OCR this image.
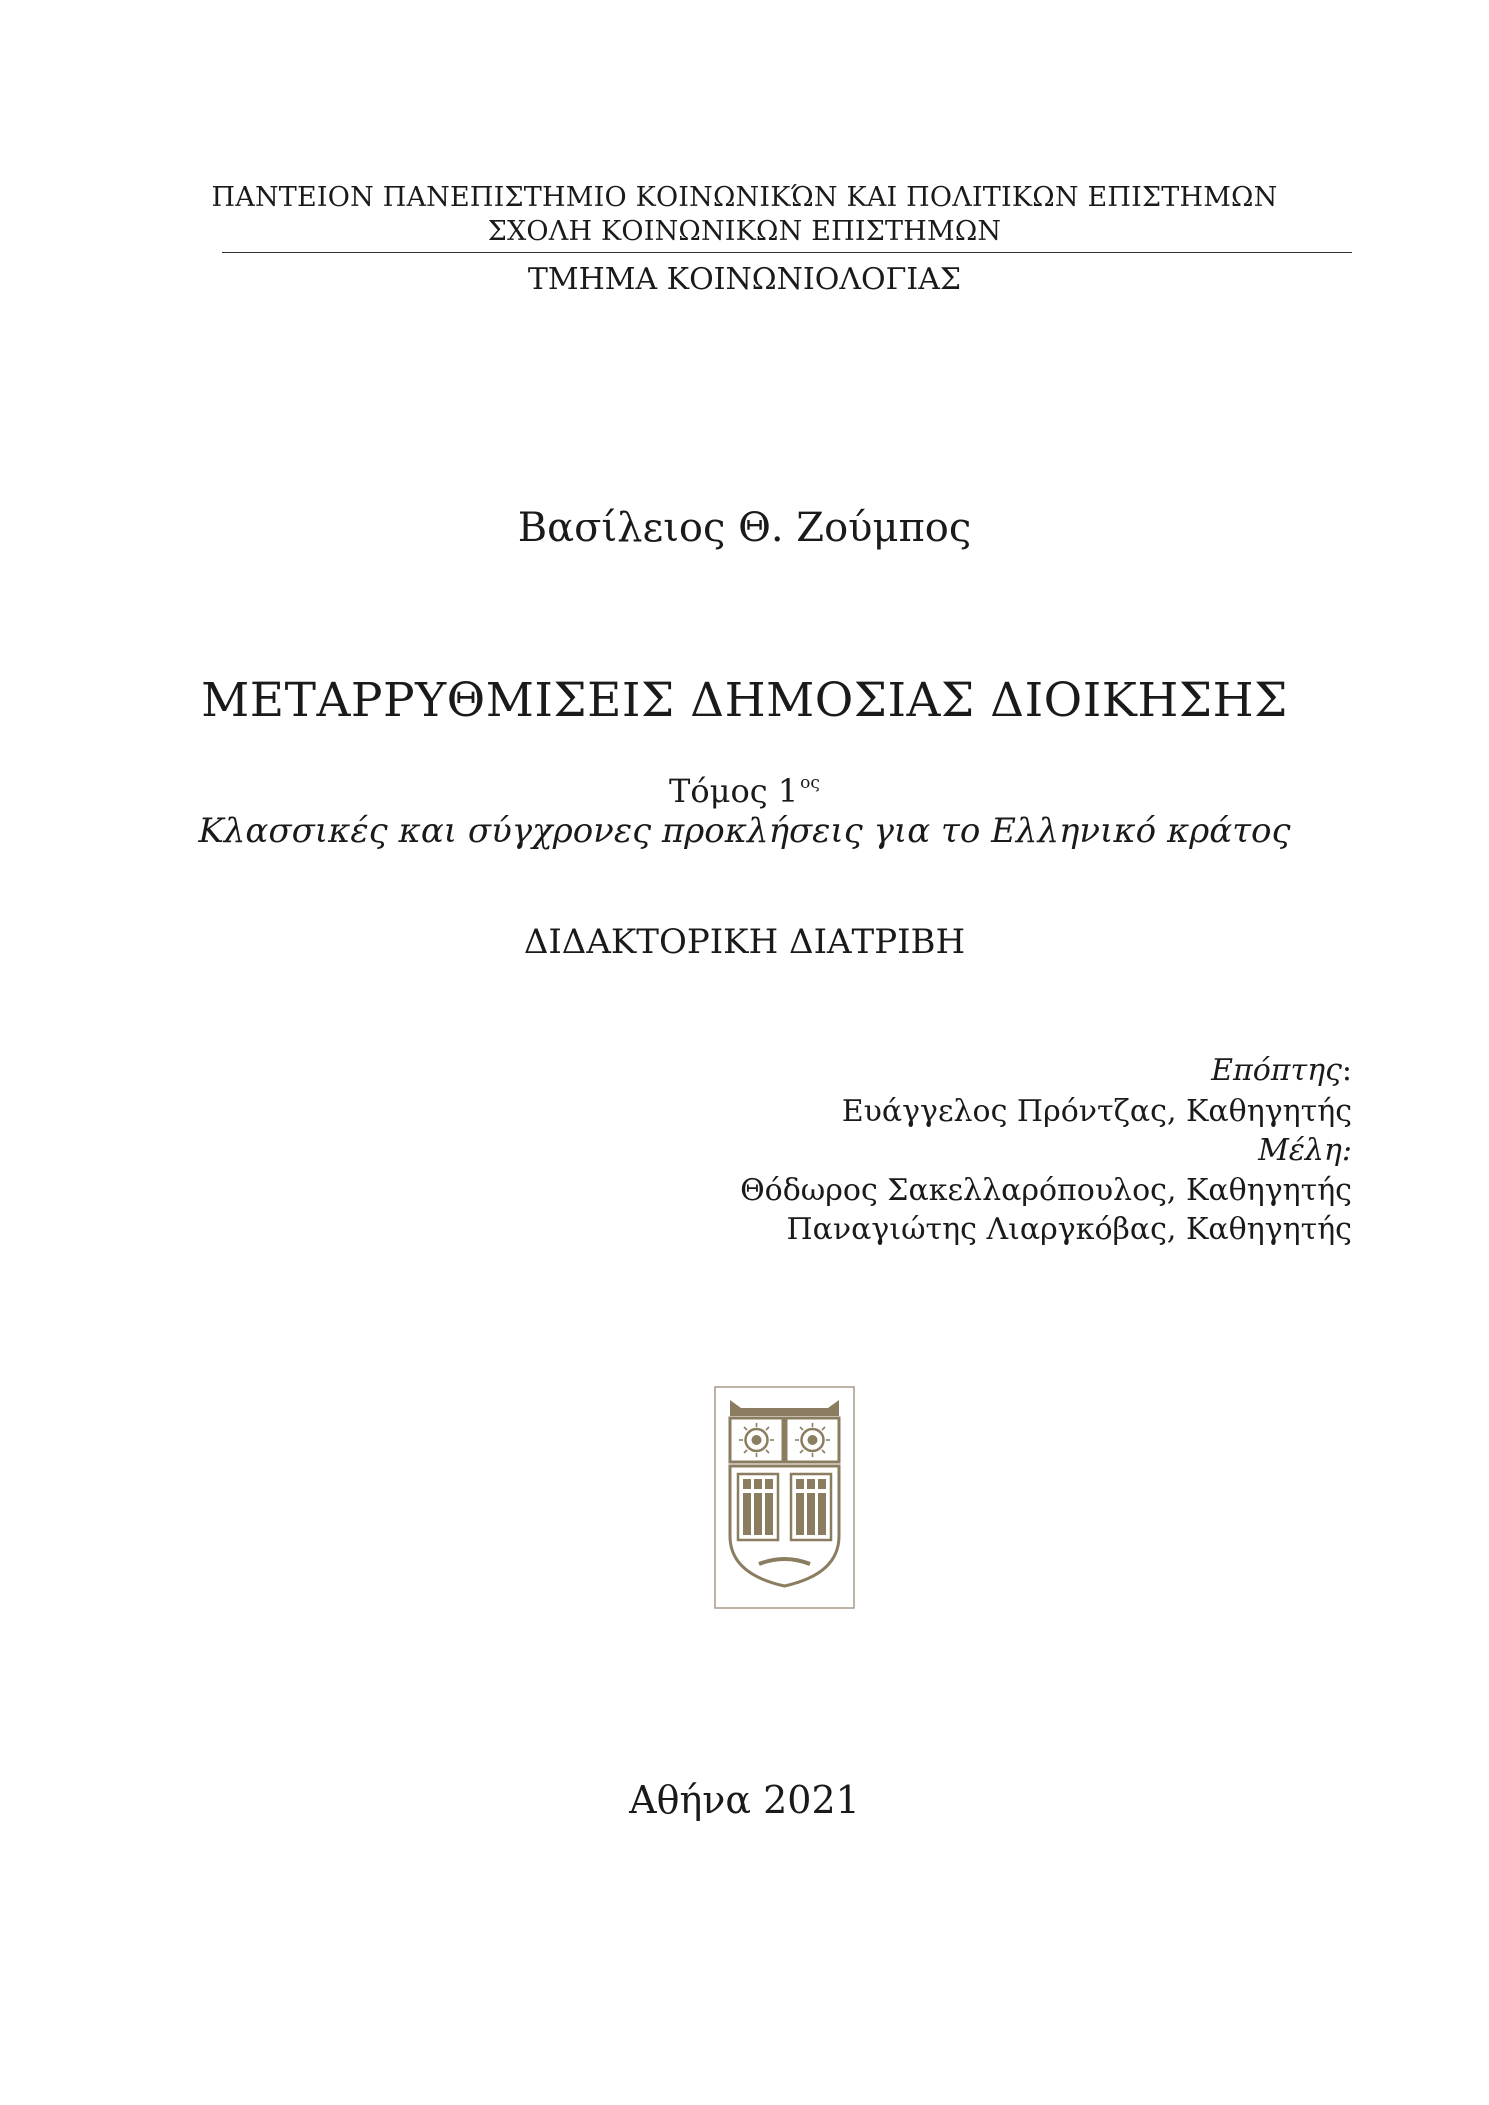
ΠΑΝΤΕΙΟΝ ΠΑΝΕΠΙΣΤΗΜΙΟ ΚΟΙΝΩΝΙΚΏΝ ΚΑΙ ΠΟΛΙΤΙΚΩΝ ΕΠΙΣΤΗΜΩΝ
ΣΧΟΛΗ ΚΟΙΝΩΝΙΚΩΝ ΕΠΙΣΤΗΜΩΝ
ΤΜΗΜΑ ΚΟΙΝΩΝΙΟΛΟΓΙΑΣ
Βασίλειος Θ. Ζούμπος
ΜΕΤΑΡΡΥΘΜΙΣΕΙΣ ΔΗΜΟΣΙΑΣ ΔΙΟΙΚΗΣΗΣ
Τόμος 1 $^{o\varsigma}$
Κλασσικές και σύγχρονες προκλήσεις για το Ελληνικό κράτος
ΔΙΔΑΚΤΟΡΙΚΗ ΔΙΑΤΡΙΒΗ
Επόπτης:
Ευάγγελος Πρόντζας, Καθηγητής
Μέλη:
Θόδωρος Σακελλαρόπουλος, Καθηγητής
Παναγιώτης Λιαργκόβας, Καθηγητής
Αθήνα 2021
